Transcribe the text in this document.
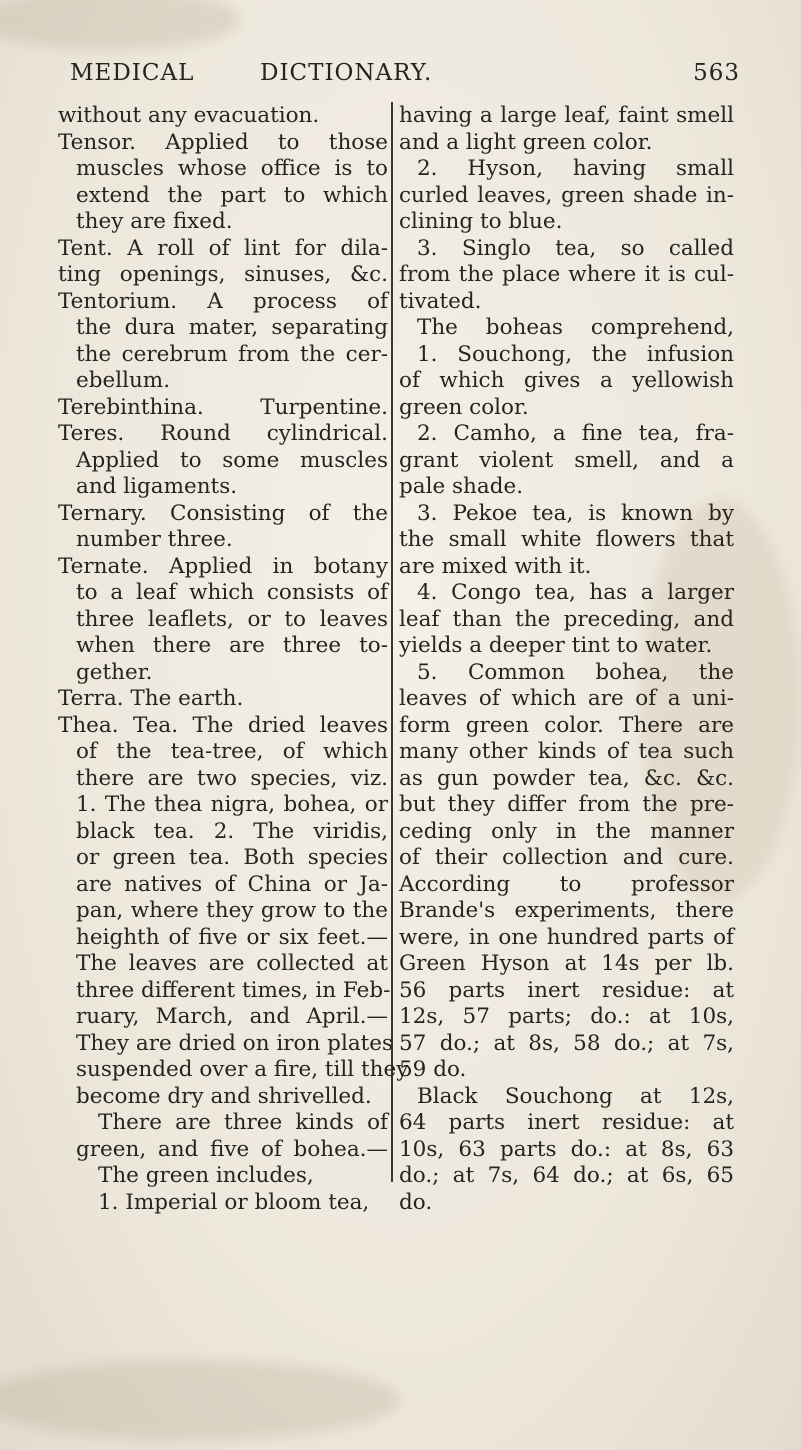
MEDICAL	DICTIONARY.	563
without any evacuation.
Tensor. Applied to those
muscles whose office is to
extend the part to which
they are fixed.
Tent. A roll of lint for dila-
ting openings, sinuses, &c.
Tentorium. A process of
the dura mater, separating
the cerebrum from the cer-
ebellum.
Terebinthina. Turpentine.
Teres. Round cylindrical.
Applied to some muscles
and ligaments.
Ternary. Consisting of the
number three.
Ternate. Applied in botany
to a leaf which consists of
three leaflets, or to leaves
when there are three to-
gether.
Terra. The earth.
Thea. Tea. The dried leaves
of the tea-tree, of which
there are two species, viz.
1. The thea nigra, bohea, or
black tea. 2. The viridis,
or green tea. Both species
are natives of China or Ja-
pan, where they grow to the
heighth of five or six feet.—
The leaves are collected at
three different times, in Feb-
ruary, March, and April.—
They are dried on iron plates
suspended over a fire, till they
become dry and shrivelled.
There are three kinds of
green, and five of bohea.—
The green includes,
1. Imperial or bloom tea,
having a large leaf, faint smell
and a light green color.
2. Hyson, having small
curled leaves, green shade in-
clining to blue.
3. Singlo tea, so called
from the place where it is cul-
tivated.
The boheas comprehend,
1. Souchong, the infusion
of which gives a yellowish
green color.
2. Camho, a fine tea, fra-
grant violent smell, and a
pale shade.
3. Pekoe tea, is known by
the small white flowers that
are mixed with it.
4. Congo tea, has a larger
leaf than the preceding, and
yields a deeper tint to water.
5. Common bohea, the
leaves of which are of a uni-
form green color. There are
many other kinds of tea such
as gun powder tea, &c. &c.
but they differ from the pre-
ceding only in the manner
of their collection and cure.
According to professor
Brande's experiments, there
were, in one hundred parts of
Green Hyson at 14s per lb.
56 parts inert residue: at
12s, 57 parts; do.: at 10s,
57 do.; at 8s, 58 do.; at 7s,
59 do.
Black Souchong at 12s,
64 parts inert residue: at
10s, 63 parts do.: at 8s, 63
do.; at 7s, 64 do.; at 6s, 65
do.
